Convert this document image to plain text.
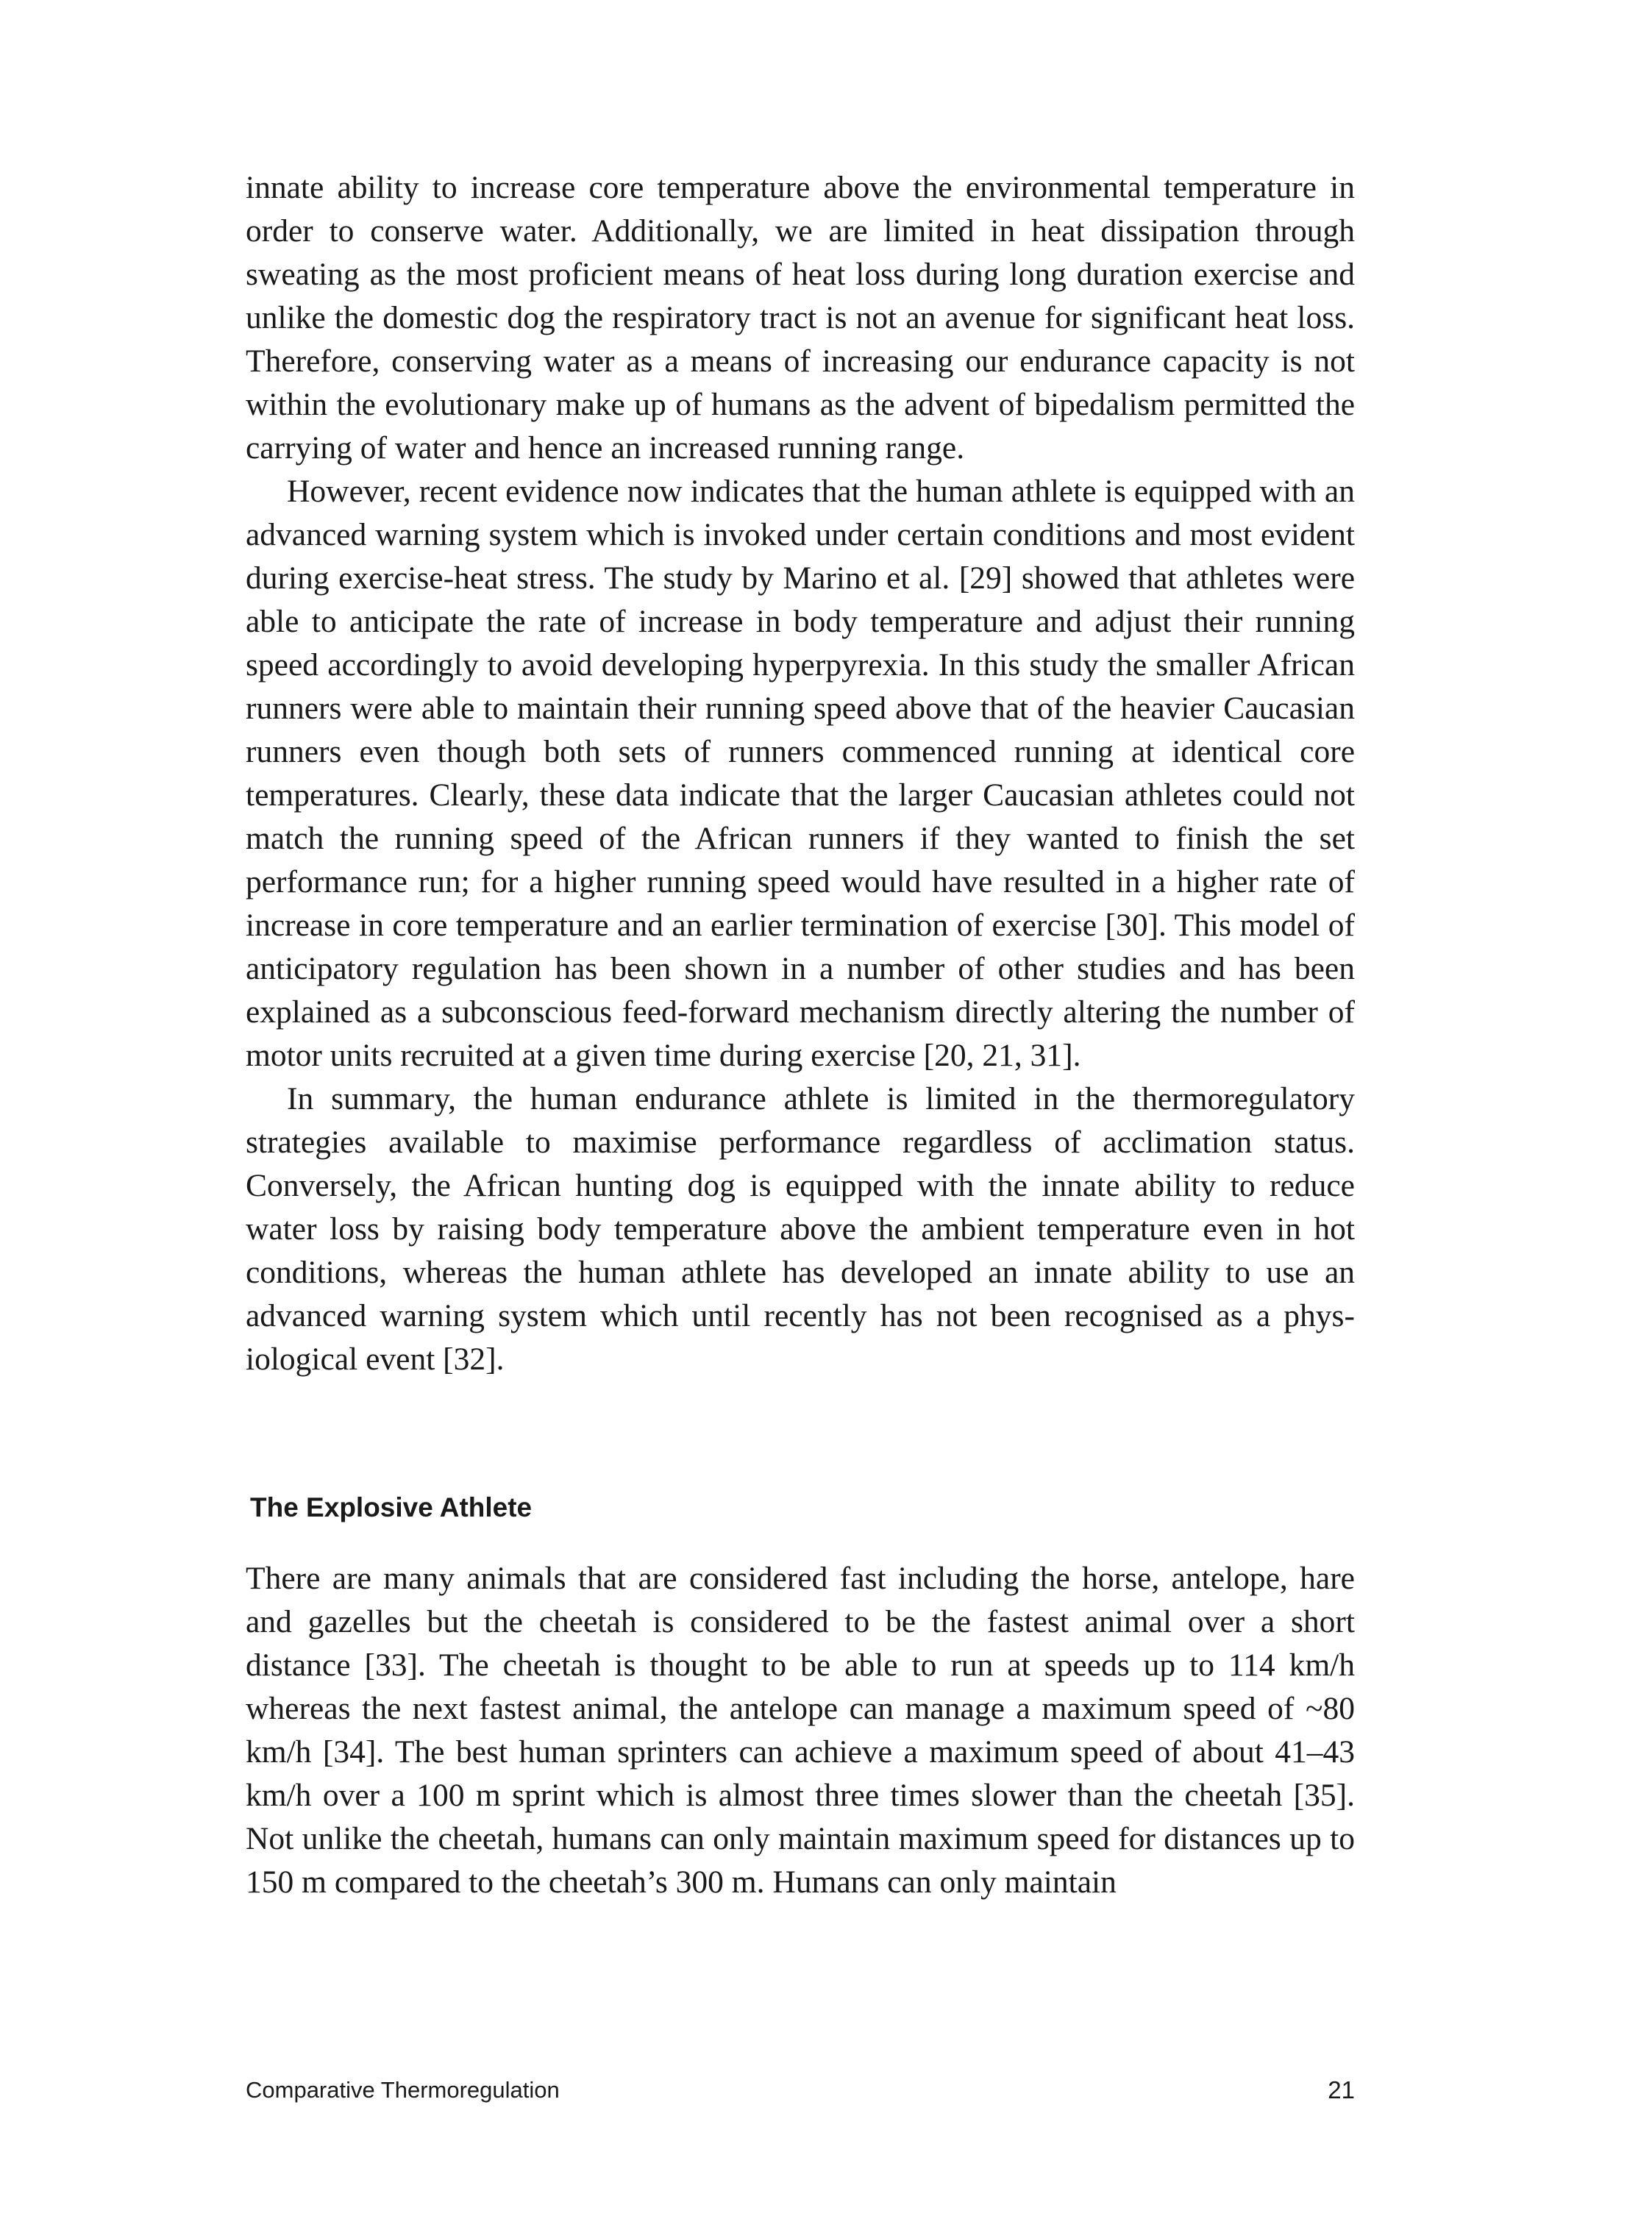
innate ability to increase core temperature above the environmental temperature in order to conserve water. Additionally, we are limited in heat dissipation through sweating as the most proficient means of heat loss during long duration exercise and unlike the domestic dog the respiratory tract is not an avenue for significant heat loss. Therefore, conserving water as a means of increasing our endurance capacity is not within the evolutionary make up of humans as the advent of bipedalism permitted the carrying of water and hence an increased running range.

However, recent evidence now indicates that the human athlete is equipped with an advanced warning system which is invoked under certain conditions and most evident during exercise-heat stress. The study by Marino et al. [29] showed that athletes were able to anticipate the rate of increase in body temperature and adjust their running speed accordingly to avoid developing hyperpyrexia. In this study the smaller African runners were able to maintain their running speed above that of the heavier Caucasian runners even though both sets of runners commenced running at identical core temperatures. Clearly, these data indicate that the larger Caucasian athletes could not match the running speed of the African runners if they wanted to finish the set performance run; for a higher running speed would have resulted in a higher rate of increase in core temperature and an earlier termination of exercise [30]. This model of anticipatory regulation has been shown in a number of other studies and has been explained as a subconscious feed-forward mechanism directly altering the number of motor units recruited at a given time during exercise [20, 21, 31].

In summary, the human endurance athlete is limited in the thermoregulatory strategies available to maximise performance regardless of acclimation status. Conversely, the African hunting dog is equipped with the innate ability to reduce water loss by raising body temperature above the ambient temperature even in hot conditions, whereas the human athlete has developed an innate ability to use an advanced warning system which until recently has not been recognised as a physiological event [32].

The Explosive Athlete

There are many animals that are considered fast including the horse, antelope, hare and gazelles but the cheetah is considered to be the fastest animal over a short distance [33]. The cheetah is thought to be able to run at speeds up to 114 km/h whereas the next fastest animal, the antelope can manage a maximum speed of ~80 km/h [34]. The best human sprinters can achieve a maximum speed of about 41–43 km/h over a 100 m sprint which is almost three times slower than the cheetah [35]. Not unlike the cheetah, humans can only maintain maximum speed for distances up to 150 m compared to the cheetah’s 300 m. Humans can only maintain

Comparative Thermoregulation	21
